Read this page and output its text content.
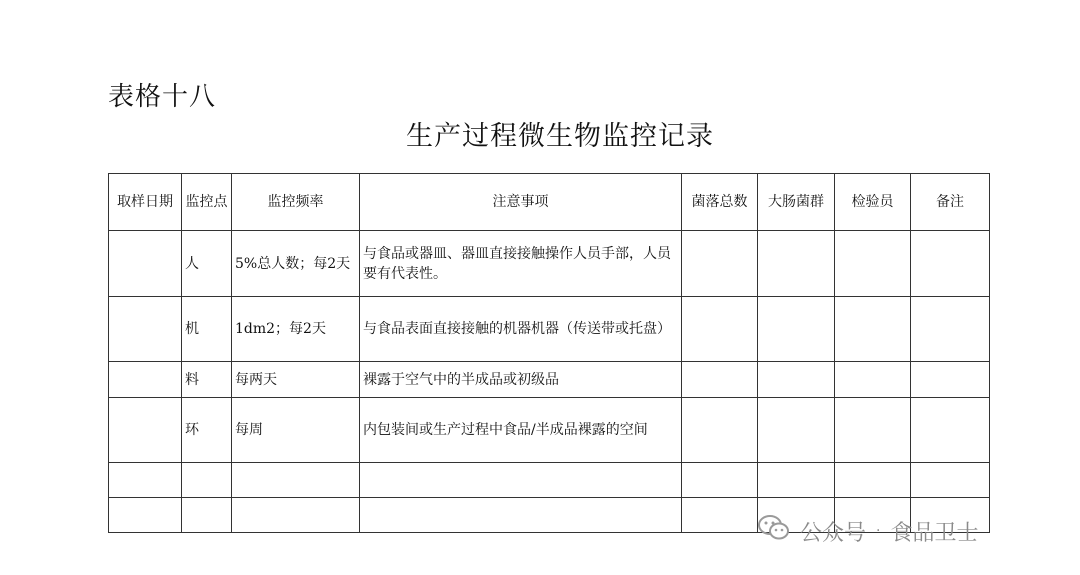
表格十八
生产过程微生物监控记录
取样日期	监控点	监控频率	注意事项	菌落总数	大肠菌群	检验员	备注
	人	5%总人数；每2天	与食品或器皿、器皿直接接触操作人员手部，人员要有代表性。				
	机	1dm2；每2天	与食品表面直接接触的机器机器（传送带或托盘）				
	料	每两天	裸露于空气中的半成品或初级品				
	环	每周	内包装间或生产过程中食品/半成品裸露的空间				

公众号 · 食品卫士
